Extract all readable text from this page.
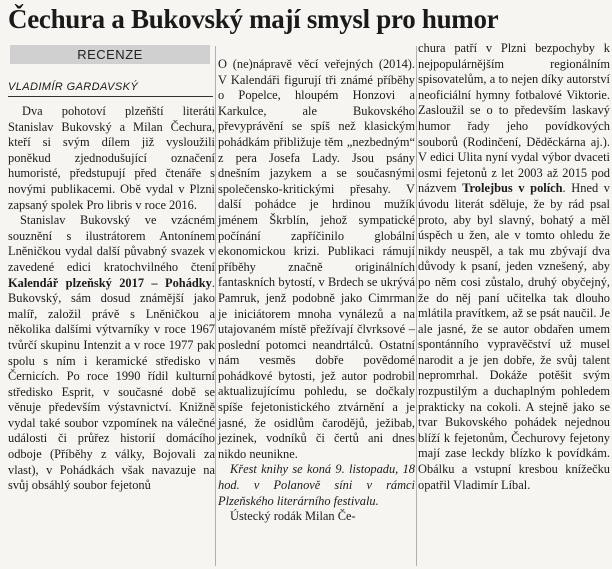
Čechura a Bukovský mají smysl pro humor
RECENZE
VLADIMÍR GARDAVSKÝ

Dva pohotoví plzeňští literáti Stanislav Bukovský a Milan Čechura, kteří si svým dílem již vysloužili poněkud zjednodušující označení humoristé, předstupují před čtenáře s novými publikacemi. Obě vydal v Plzni zapsaný spolek Pro libris v roce 2016.

Stanislav Bukovský ve vzácném souznění s ilustrátorem Antonínem Lněničkou vydal další půvabný svazek v zavedené edici kratochvilného čtení Kalendář plzeňský 2017 – Pohádky. Bukovský, sám dosud známější jako malíř, založil právě s Lněničkou a několika dalšími výtvarníky v roce 1967 tvůrčí skupinu Intenzit a v roce 1977 pak spolu s ním i keramické středisko v Černicích. Po roce 1990 řídil kulturní středisko Esprit, v současné době se věnuje především výstavnictví. Knižně vydal také soubor vzpomínek na válečné události či průřez historií domácího odboje (Příběhy z války, Bojovali za vlast), v Pohádkách však navazuje na svůj obsáhlý soubor fejetonů

O (ne)nápravě věcí veřejných (2014). V Kalendáři figurují tři známé příběhy o Popelce, hloupém Honzovi a Karkulce, ale Bukovského převyprávění se spíš než klasickým pohádkám přibližuje těm „nezbedným“ z pera Josefa Lady. Jsou psány dnešním jazykem a se současnými společensko-kritickými přesahy. V další pohádce je hrdinou mužík jménem Škrblín, jehož sympatické počínání zapříčinilo globální ekonomickou krizi. Publikaci rámují příběhy značně originálních fantaskních bytostí, v Brdech se ukrývá Pamruk, jenž podobně jako Cimrman je iniciátorem mnoha vynálezů a na utajovaném místě přežívají člvrksové – poslední potomci neandrtálců. Ostatní nám vesměs dobře povědomé pohádkové bytosti, jež autor podrobil aktualizujícímu pohledu, se dočkaly spíše fejetonistického ztvárnění a je jasné, že osidlům čarodějů, ježibab, jezinek, vodníků či čertů ani dnes nikdo neunikne.

Křest knihy se koná 9. listopadu, 18 hod. v Polanově síni v rámci Plzeňského literárního festivalu.

Ústecký rodák Milan Če-

chura patří v Plzni bezpochyby k nejpopulárnějším regionálním spisovatelům, a to nejen díky autorství neoficiální hymny fotbalové Viktorie. Zasloužil se o to především laskavý humor řady jeho povídkových souborů (Rodinčení, Děděckárna aj.). V edici Ulita nyní vydal výbor dvaceti osmi fejetonů z let 2003 až 2015 pod názvem Trolejbus v polích. Hned v úvodu literát sděluje, že by rád psal proto, aby byl slavný, bohatý a měl úspěch u žen, ale v tomto ohledu že nikdy neuspěl, a tak mu zbývají dva důvody k psaní, jeden vznešený, aby po něm cosi zůstalo, druhý obyčejný, že do něj paní učitelka tak dlouho mlátila pravítkem, až se psát naučil. Je ale jasné, že se autor obdařen umem spontánního vypravěčství už musel narodit a je jen dobře, že svůj talent nepromrhal. Dokáže potěšit svým rozpustilým a duchaplným pohledem prakticky na cokoli. A stejně jako se tvar Bukovského pohádek nejednou blíží k fejetonům, Čechurovy fejetony mají zase leckdy blízko k povídkám. Obálku a vstupní kresbou knížečku opatřil Vladimír Líbal.
